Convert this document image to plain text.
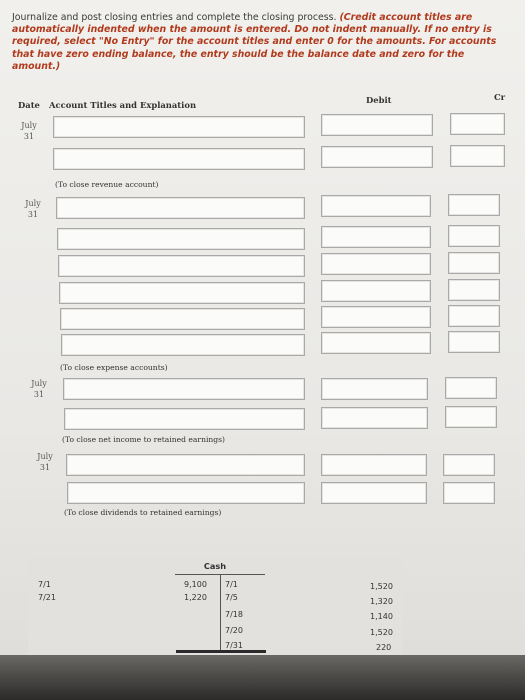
Journalize and post closing entries and complete the closing process. (Credit account titles are automatically indented when the amount is entered. Do not indent manually. If no entry is required, select "No Entry" for the account titles and enter 0 for the amounts. For accounts that have zero ending balance, the entry should be the balance date and zero for the amount.)
Date Account Titles and Explanation	Debit	Cr
July
31
(To close revenue account)
July
31
(To close expense accounts)
July
31
(To close net income to retained earnings)
July
31
(To close dividends to retained earnings)
Cash
7/1
7/21
9,100
1,220
7/1
7/5
7/18
7/20
7/31
1,520
1,320
1,140
1,520
220
